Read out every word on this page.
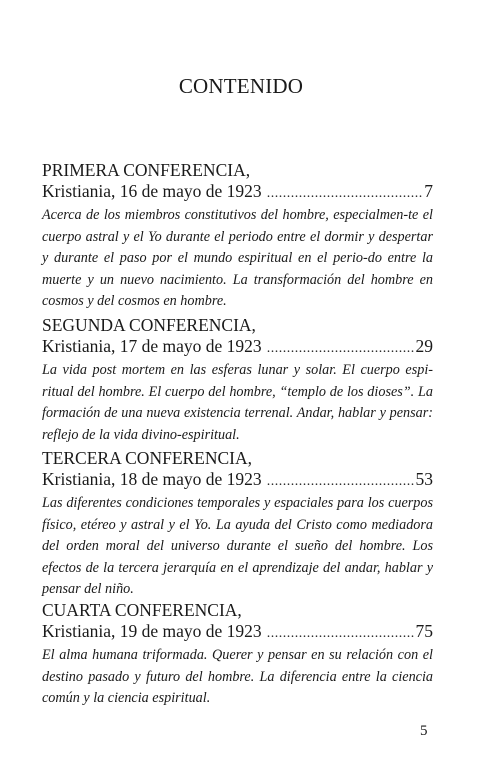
CONTENIDO
PRIMERA CONFERENCIA,
Kristiania, 16 de mayo de 1923 .....	7
Acerca de los miembros constitutivos del hombre, especialmen-te el cuerpo astral y el Yo durante el periodo entre el dormir y despertar y durante el paso por el mundo espiritual en el perio-do entre la muerte y un nuevo nacimiento. La transformación del hombre en cosmos y del cosmos en hombre.
SEGUNDA CONFERENCIA,
Kristiania, 17 de mayo de 1923 .....	29
La vida post mortem en las esferas lunar y solar. El cuerpo espi-ritual del hombre. El cuerpo del hombre, “templo de los dioses”. La formación de una nueva existencia terrenal. Andar, hablar y pensar: reflejo de la vida divino-espiritual.
TERCERA CONFERENCIA,
Kristiania, 18 de mayo de 1923 .....	53
Las diferentes condiciones temporales y espaciales para los cuerpos físico, etéreo y astral y el Yo. La ayuda del Cristo como mediadora del orden moral del universo durante el sueño del hombre. Los efectos de la tercera jerarquía en el aprendizaje del andar, hablar y pensar del niño.
CUARTA CONFERENCIA,
Kristiania, 19 de mayo de 1923 .....	75
El alma humana triformada. Querer y pensar en su relación con el destino pasado y futuro del hombre. La diferencia entre la ciencia común y la ciencia espiritual.
5
